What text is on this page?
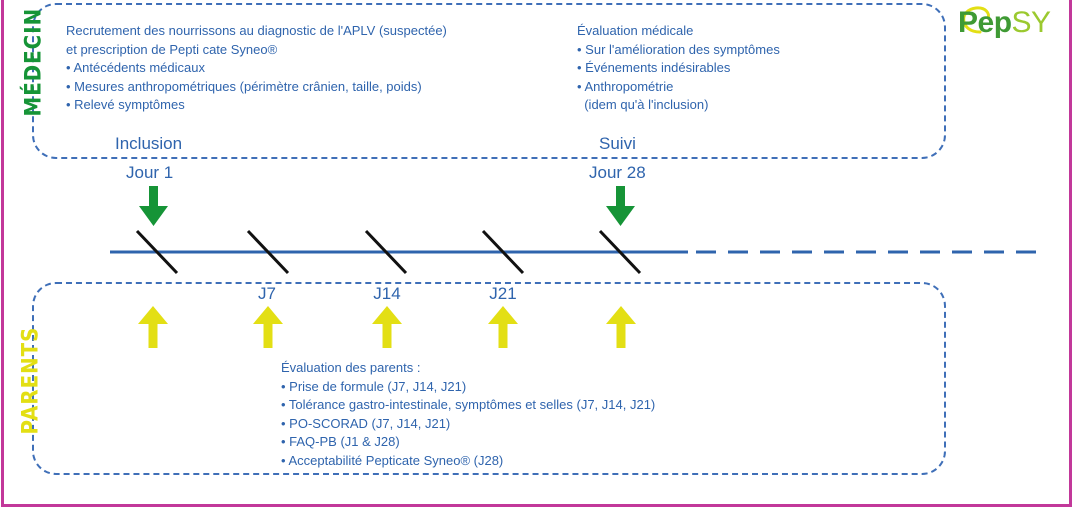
PepSY
MÉDECIN Recrutement des nourrissons au diagnostic de l'APLV (suspectée)
et prescription de Pepti cate Syneo®
• Antécédents médicaux
• Mesures anthropométriques (périmètre crânien, taille, poids)
• Relevé symptômes
Évaluation médicale
• Sur l'amélioration des symptômes
• Événements indésirables
• Anthropométrie
(idem qu'à l'inclusion)
Inclusion
Jour 1
Suivi
Jour 28
J7	J14	J21
PARENTS	Évaluation des parents :
• Prise de formule (J7, J14, J21)
• Tolérance gastro-intestinale, symptômes et selles (J7, J14, J21)
• PO-SCORAD (J7, J14, J21)
• FAQ-PB (J1 & J28)
• Acceptabilité Pepticate Syneo® (J28)
